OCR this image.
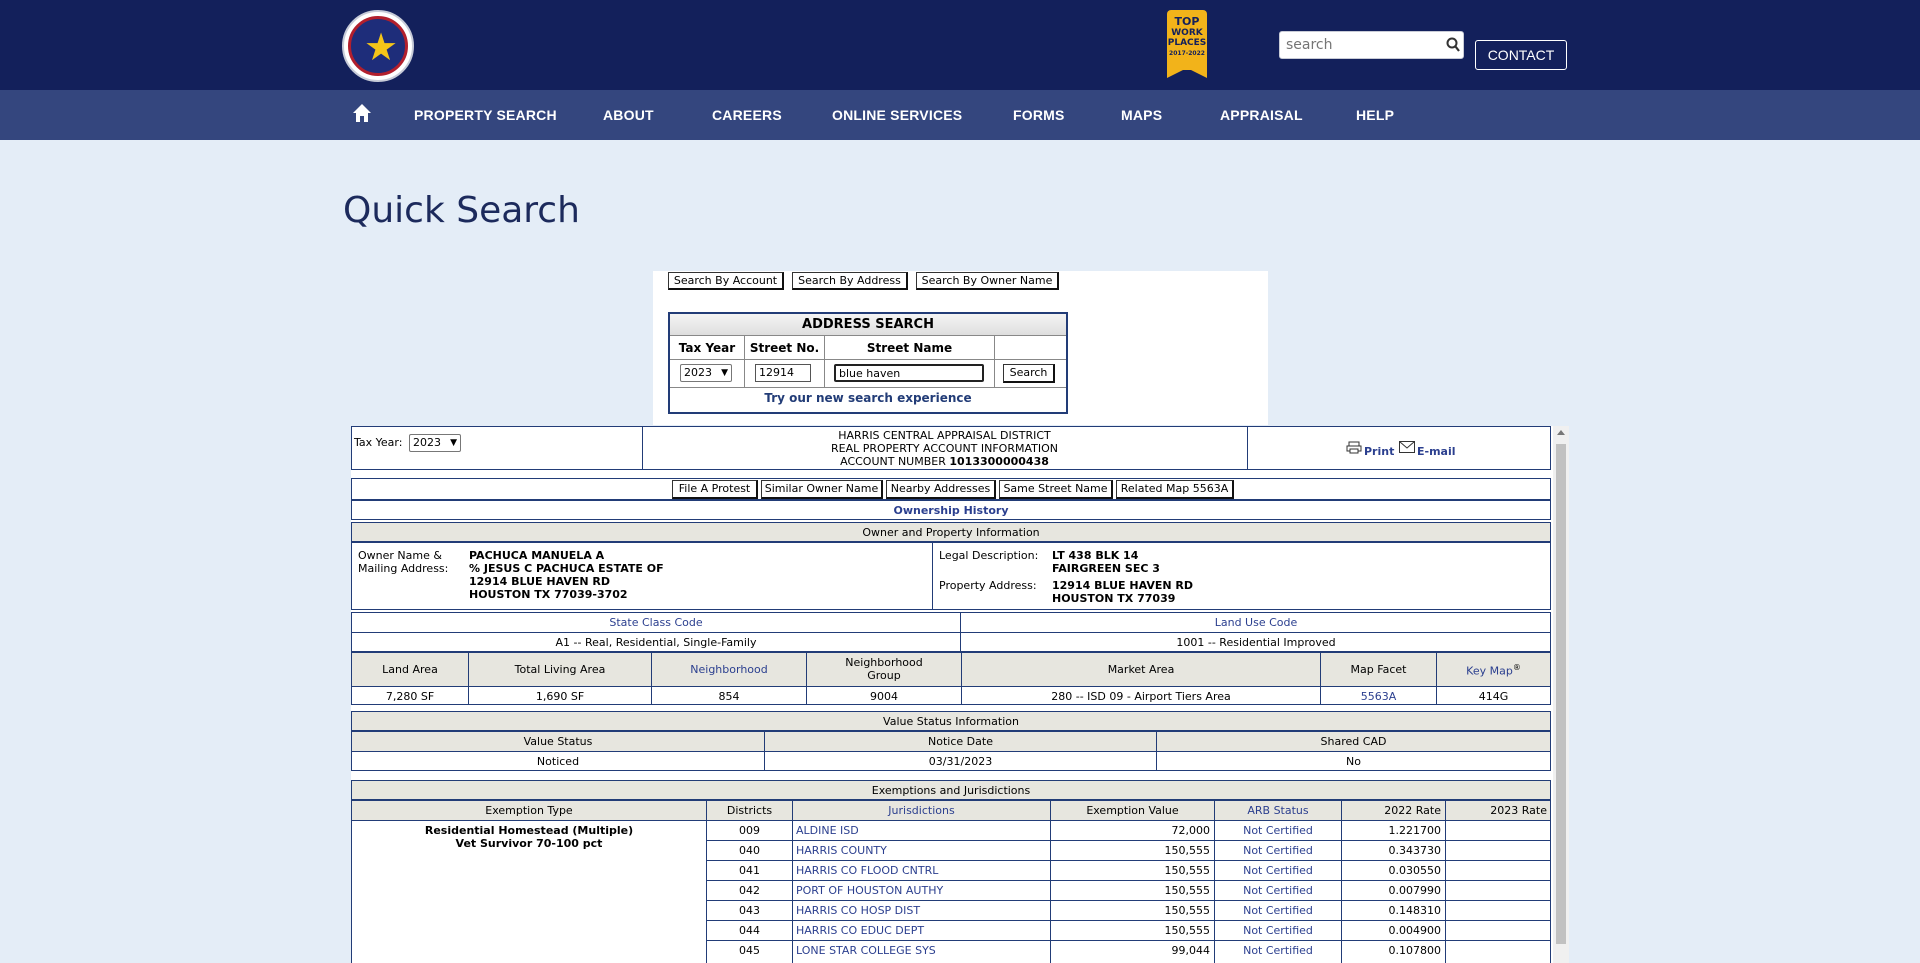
★
TOP
WORK
PLACES
2017-2022
search	CONTACT
PROPERTY SEARCH	ABOUT	CAREERS	ONLINE SERVICES	FORMS	MAPS	APPRAISAL	HELP
Quick Search
Search By Account	Search By Address	Search By Owner Name
ADDRESS SEARCH
Tax Year	Street No.	Street Name
2023 ▼	12914	blue haven	Search
Try our new search experience
Tax Year: 2023 ▼
HARRIS CENTRAL APPRAISAL DISTRICT
REAL PROPERTY ACCOUNT INFORMATION
ACCOUNT NUMBER 1013300000438
Print E-mail
File A Protest	Similar Owner Name	Nearby Addresses	Same Street Name	Related Map 5563A
Ownership History
Owner and Property Information
Owner Name &
Mailing Address:
PACHUCA MANUELA A
% JESUS C PACHUCA ESTATE OF
12914 BLUE HAVEN RD
HOUSTON TX 77039-3702
Legal Description: LT 438 BLK 14
FAIRGREEN SEC 3
Property Address: 12914 BLUE HAVEN RD
HOUSTON TX 77039
State Class Code	Land Use Code
A1 -- Real, Residential, Single-Family	1001 -- Residential Improved
Land Area	Total Living Area	Neighborhood
Neighborhood
Group	Market Area	Map Facet	Key Map®
7,280 SF	1,690 SF	854	9004	280 -- ISD 09 - Airport Tiers Area	5563A	414G
Value Status Information
Value Status	Notice Date	Shared CAD
Noticed	03/31/2023	No
Exemptions and Jurisdictions
Exemption Type	Districts	Jurisdictions	Exemption Value	ARB Status	2022 Rate	2023 Rate
Residential Homestead (Multiple)
Vet Survivor 70-100 pct
009	ALDINE ISD	72,000	Not Certified	1.221700
040	HARRIS COUNTY	150,555	Not Certified	0.343730
041	HARRIS CO FLOOD CNTRL	150,555	Not Certified	0.030550
042	PORT OF HOUSTON AUTHY	150,555	Not Certified	0.007990
043	HARRIS CO HOSP DIST	150,555	Not Certified	0.148310
044	HARRIS CO EDUC DEPT	150,555	Not Certified	0.004900
045	LONE STAR COLLEGE SYS	99,044	Not Certified	0.107800
